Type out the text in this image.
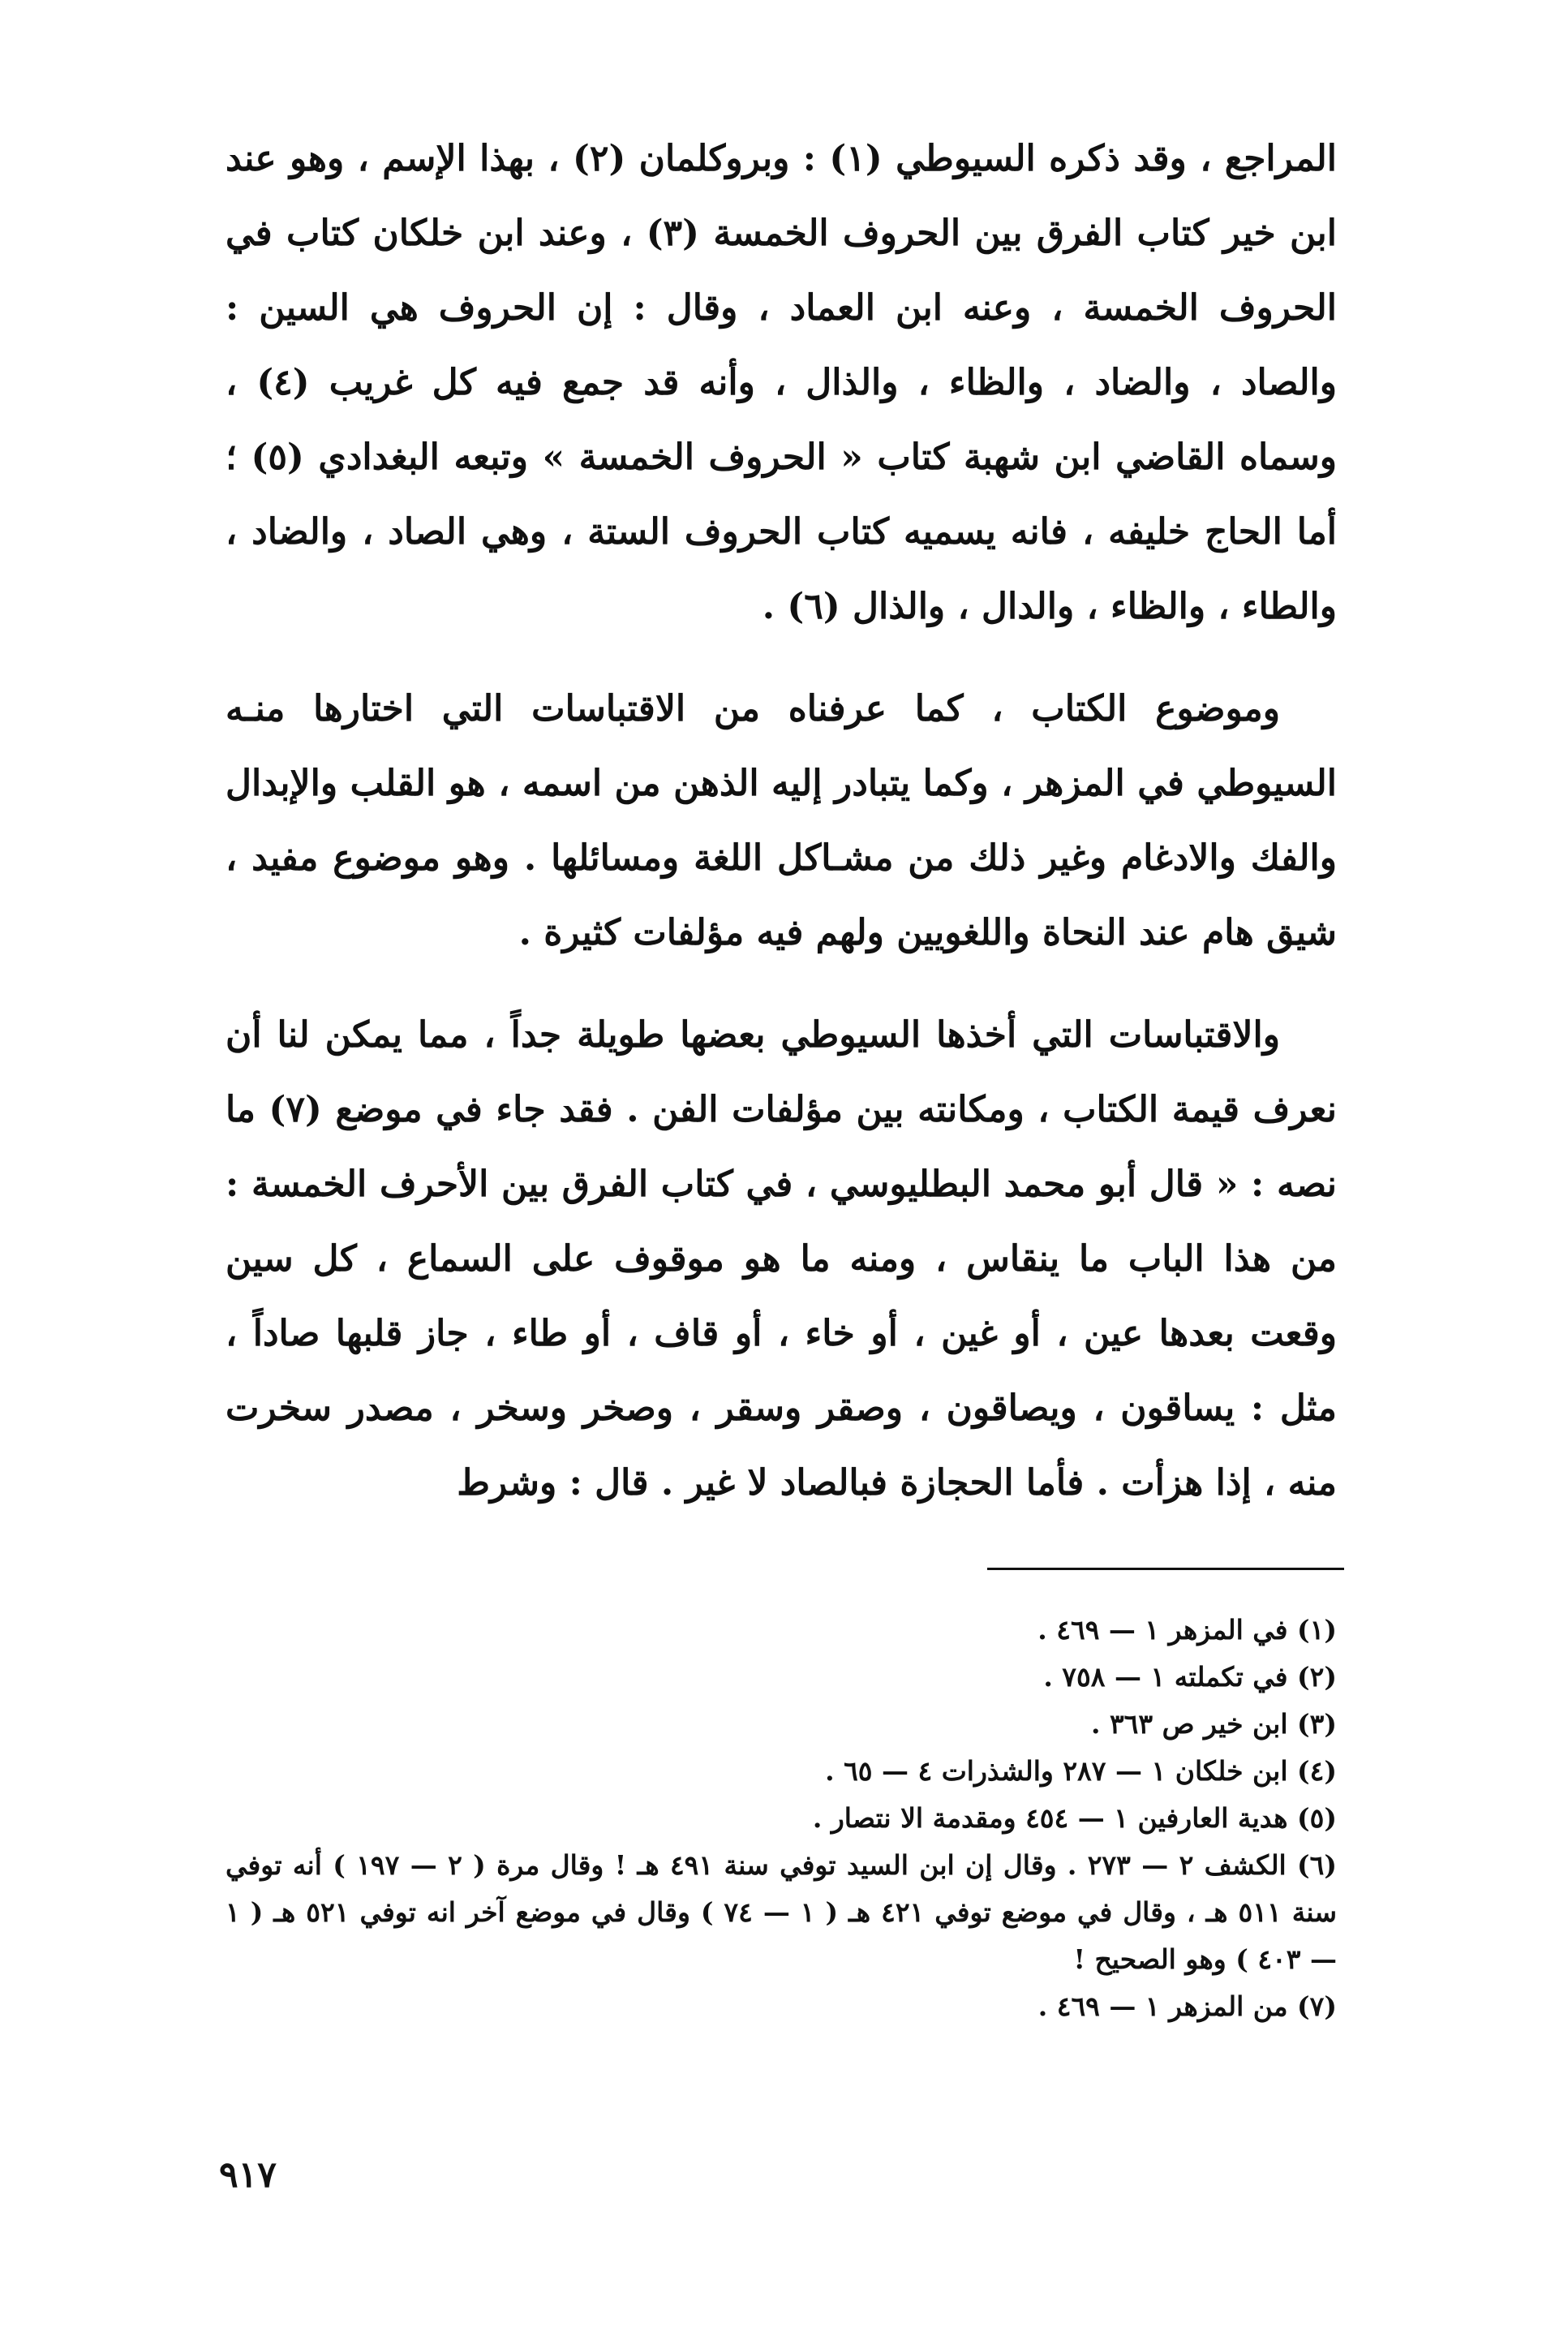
المراجع ، وقد ذكره السيوطي (١) : وبروكلمان (٢) ، بهذا الإسم ، وهو عند ابن خير كتاب الفرق بين الحروف الخمسة (٣) ، وعند ابن خلكان كتاب في الحروف الخمسة ، وعنه ابن العماد ، وقال : إن الحروف هي السين : والصاد ، والضاد ، والظاء ، والذال ، وأنه قد جمع فيه كل غريب (٤) ، وسماه القاضي ابن شهبة كتاب « الحروف الخمسة » وتبعه البغدادي (٥) ؛ أما الحاج خليفه ، فانه يسميه كتاب الحروف الستة ، وهي الصاد ، والضاد ، والطاء ، والظاء ، والدال ، والذال (٦) .

وموضوع الكتاب ، كما عرفناه من الاقتباسات التي اختارها منـه السيوطي في المزهر ، وكما يتبادر إليه الذهن من اسمه ، هو القلب والإبدال والفك والادغام وغير ذلك من مشـاكل اللغة ومسائلها . وهو موضوع مفيد ، شيق هام عند النحاة واللغويين ولهم فيه مؤلفات كثيرة .

والاقتباسات التي أخذها السيوطي بعضها طويلة جداً ، مما يمكن لنا أن نعرف قيمة الكتاب ، ومكانته بين مؤلفات الفن . فقد جاء في موضع (٧) ما نصه : « قال أبو محمد البطليوسي ، في كتاب الفرق بين الأحرف الخمسة : من هذا الباب ما ينقاس ، ومنه ما هو موقوف على السماع ، كل سين وقعت بعدها عين ، أو غين ، أو خاء ، أو قاف ، أو طاء ، جاز قلبها صاداً ، مثل : يساقون ، ويصاقون ، وصقر وسقر ، وصخر وسخر ، مصدر سخرت منه ، إذا هزأت . فأما الحجازة فبالصاد لا غير . قال : وشرط

(١) في المزهر ١ — ٤٦٩ .

(٢) في تكملته ١ — ٧٥٨ .

(٣) ابن خير ص ٣٦٣ .

(٤) ابن خلكان ١ — ٢٨٧ والشذرات ٤ — ٦٥ .

(٥) هدية العارفين ١ — ٤٥٤ ومقدمة الا نتصار .

(٦) الكشف ٢ — ٢٧٣ . وقال إن ابن السيد توفي سنة ٤٩١ هـ ! وقال مرة ( ٢ — ١٩٧ ) أنه توفي سنة ٥١١ هـ ، وقال في موضع توفي ٤٢١ هـ ( ١ — ٧٤ ) وقال في موضع آخر انه توفي ٥٢١ هـ ( ١ — ٤٠٣ ) وهو الصحيح !

(٧) من المزهر ١ — ٤٦٩ .

٩١٧
